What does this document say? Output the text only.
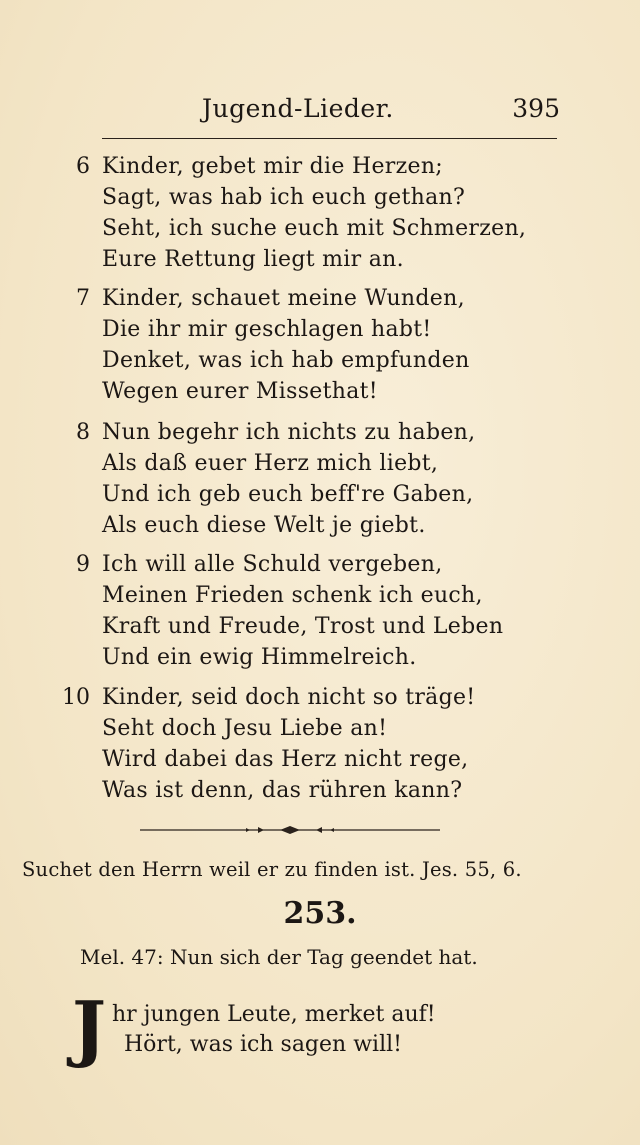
Jugend-Lieder.	395
6 Kinder, gebet mir die Herzen;
Sagt, was hab ich euch gethan?
Seht, ich suche euch mit Schmerzen,
Eure Rettung liegt mir an.
7 Kinder, schauet meine Wunden,
Die ihr mir geschlagen habt!
Denket, was ich hab empfunden
Wegen eurer Missethat!
8 Nun begehr ich nichts zu haben,
Als daß euer Herz mich liebt,
Und ich geb euch beff're Gaben,
Als euch diese Welt je giebt.
9 Ich will alle Schuld vergeben,
Meinen Frieden schenk ich euch,
Kraft und Freude, Trost und Leben
Und ein ewig Himmelreich.
10 Kinder, seid doch nicht so träge!
Seht doch Jesu Liebe an!
Wird dabei das Herz nicht rege,
Was ist denn, das rühren kann?
Suchet den Herrn weil er zu finden ist. Jes. 55, 6.
253.
Mel. 47: Nun sich der Tag geendet hat.
J hr jungen Leute, merket auf!
Hört, was ich sagen will!
